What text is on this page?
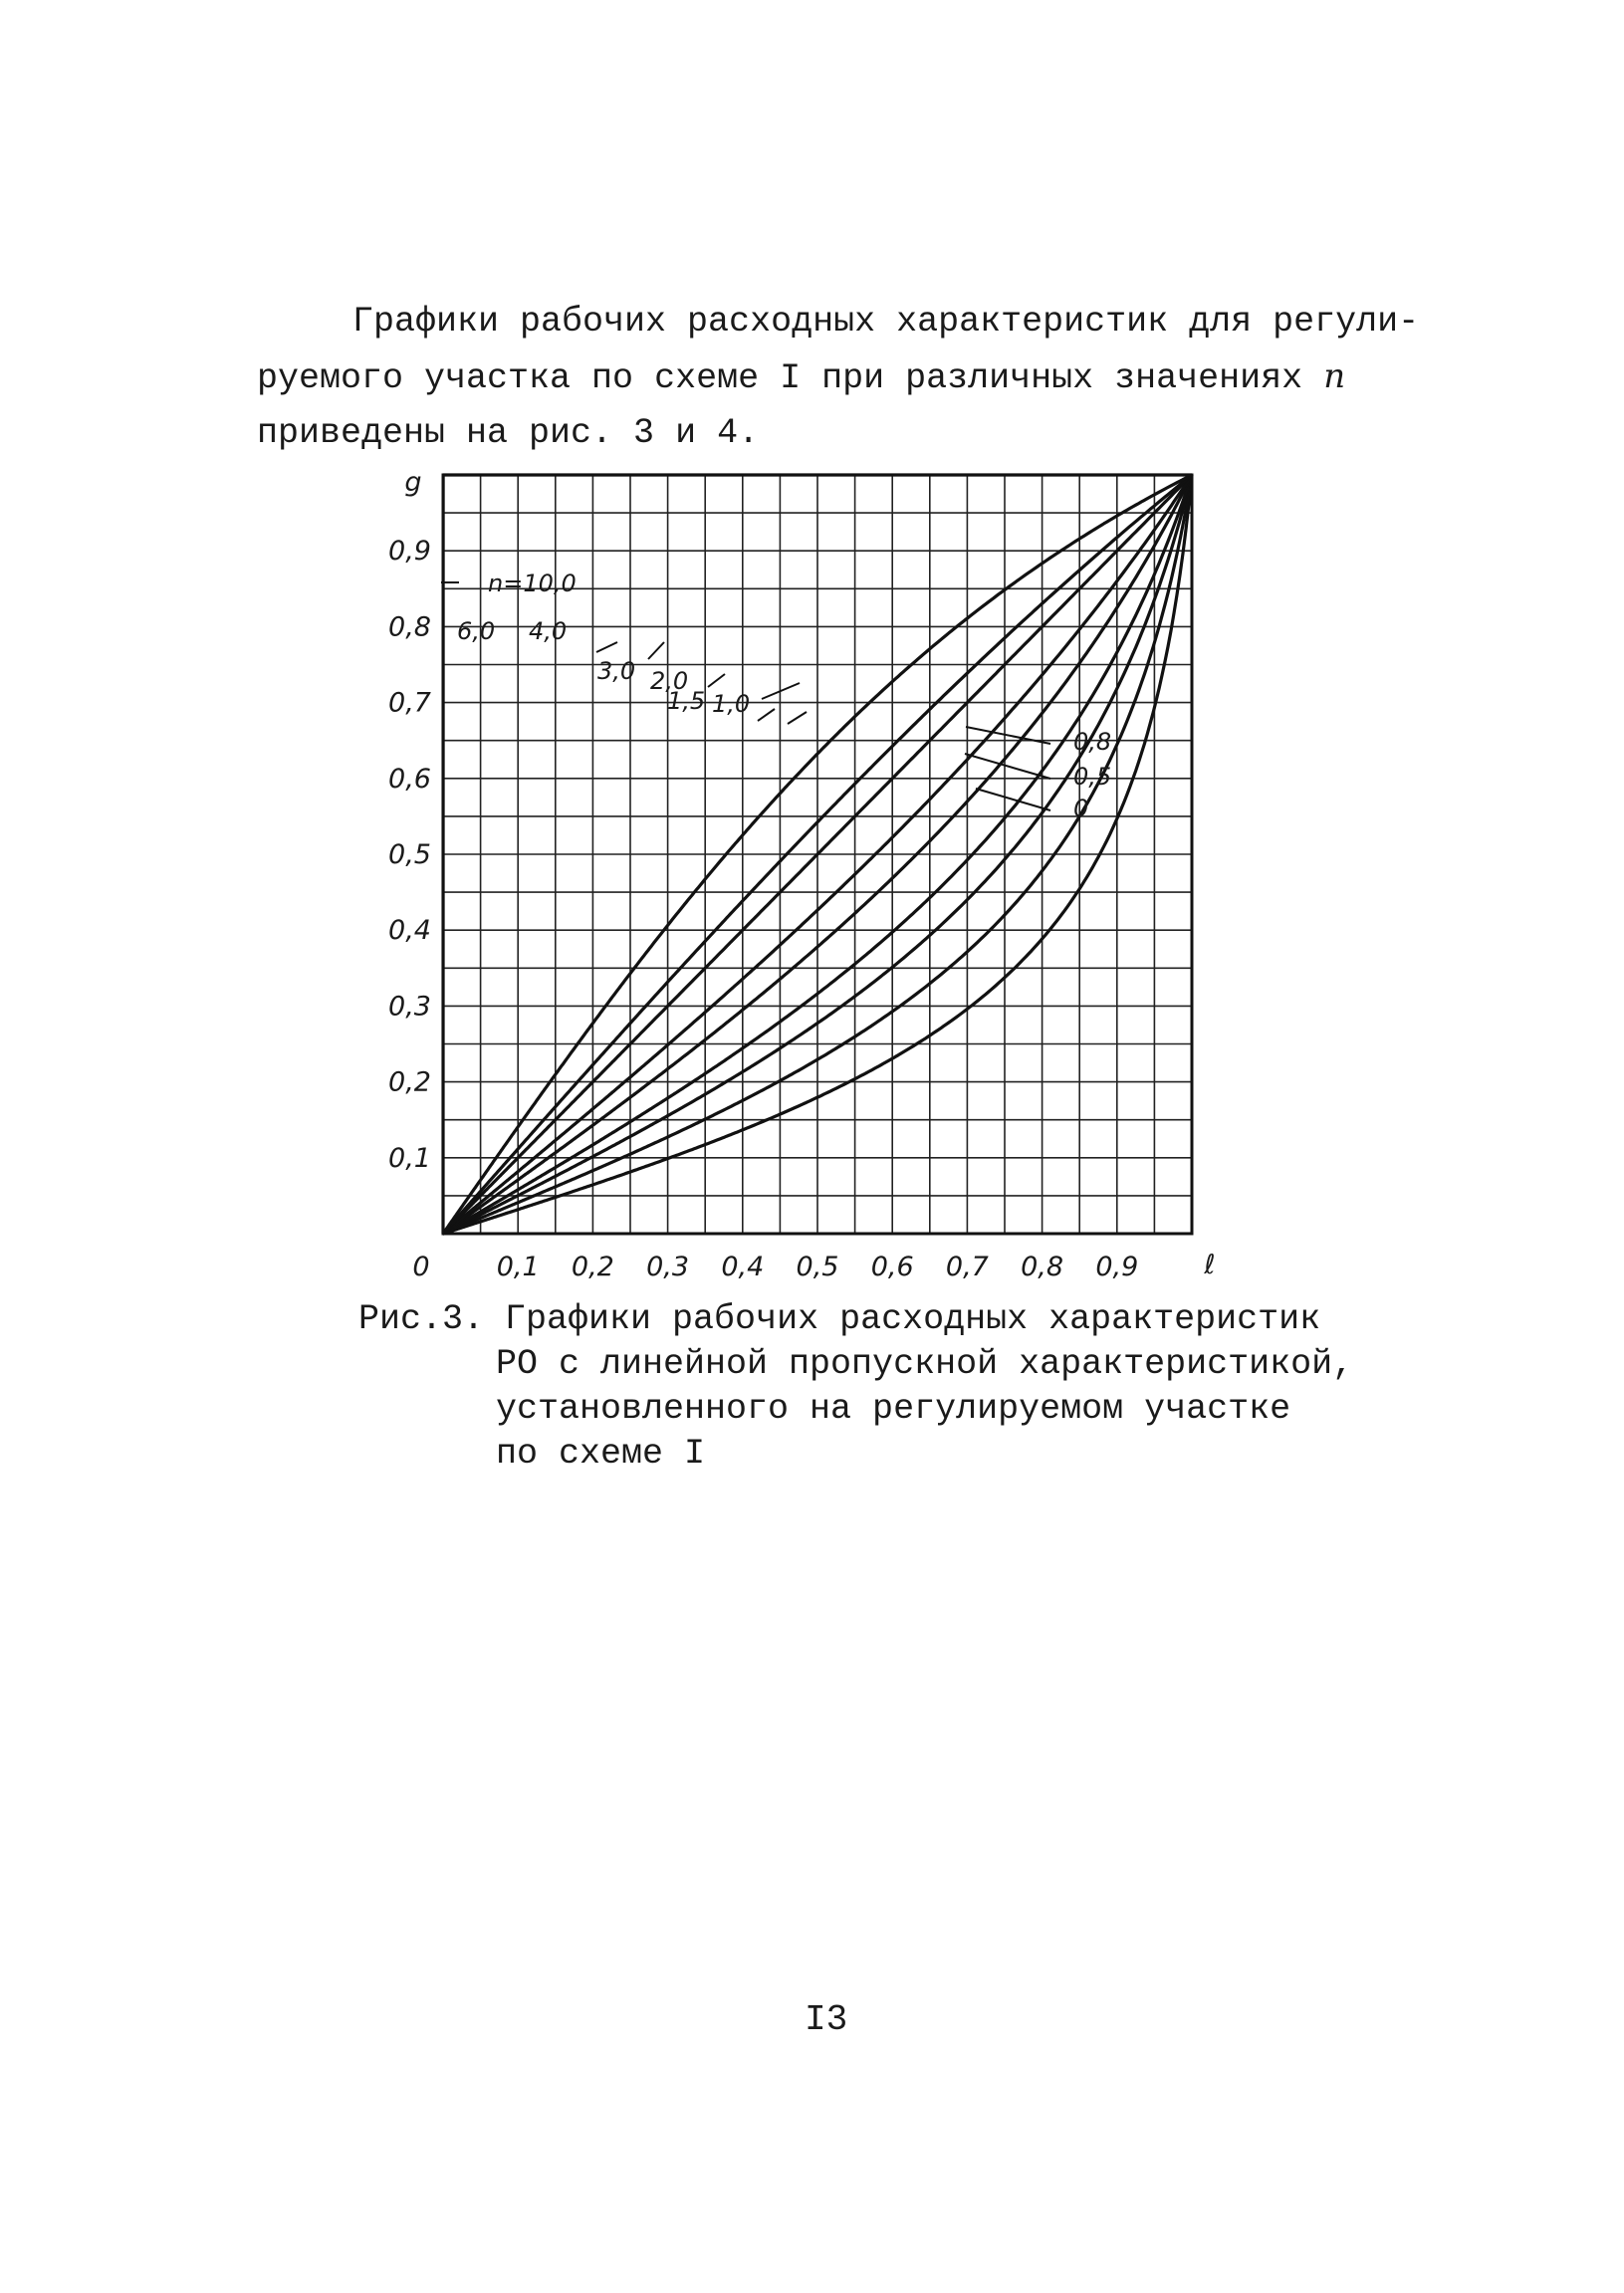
Графики рабочих расходных характеристик для регули-
руемого участка по схеме I при различных значениях n
приведены на рис. 3 и 4.
n=10,0
6,0 4,0
3,0 2,0
1,5 1,0
0,8
0,5
0
0 0,1 0,2 0,3 0,4 0,5 0,6 0,7 0,8 0,9
0,1
0,2
0,3
0,4
0,5
0,6
0,7
0,8
0,9
g
ℓ
Рис.3. Графики рабочих расходных характеристик
РО с линейной пропускной характеристикой,
установленного на регулируемом участке
по схеме I
I3
